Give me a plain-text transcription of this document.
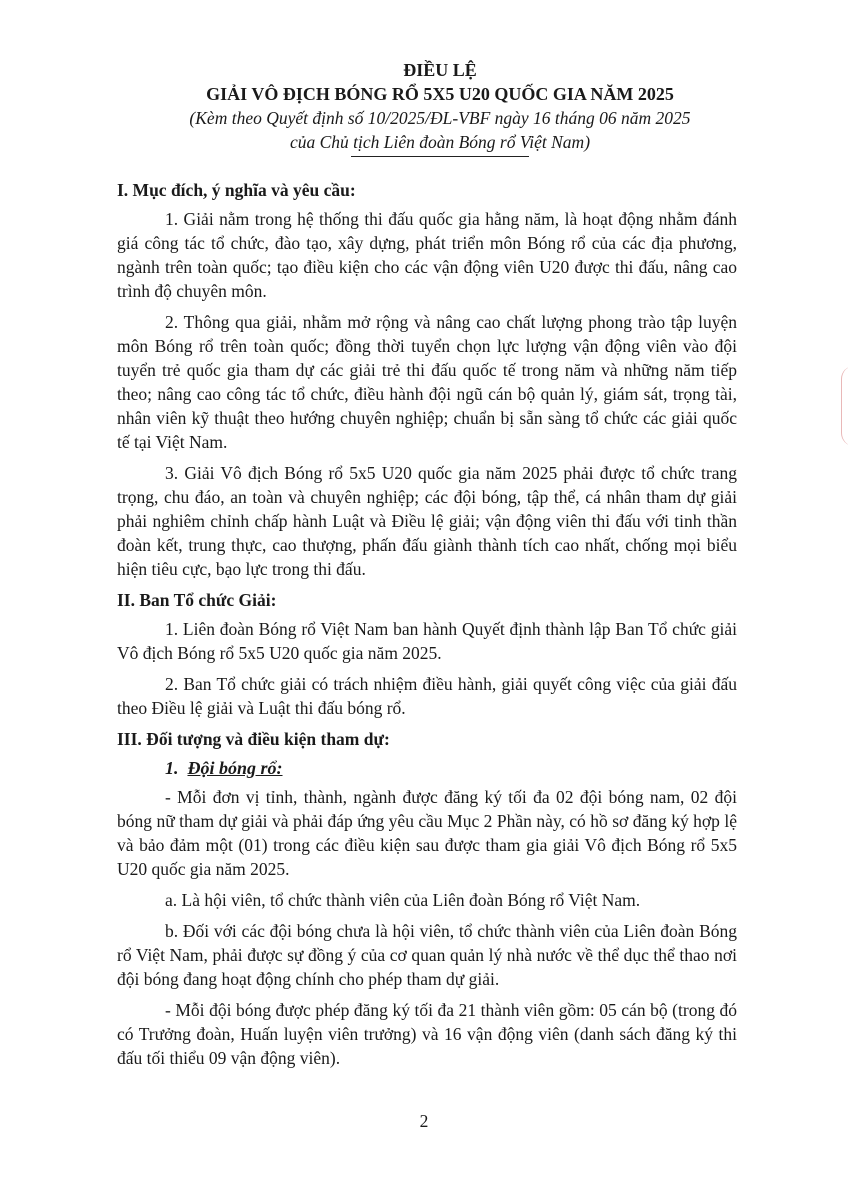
ĐIỀU LỆ

GIẢI VÔ ĐỊCH BÓNG RỔ 5X5 U20 QUỐC GIA NĂM 2025

(Kèm theo Quyết định số 10/2025/ĐL-VBF ngày 16 tháng 06 năm 2025

của Chủ tịch Liên đoàn Bóng rổ Việt Nam)

I. Mục đích, ý nghĩa và yêu cầu:

1. Giải nằm trong hệ thống thi đấu quốc gia hằng năm, là hoạt động nhằm đánh giá công tác tổ chức, đào tạo, xây dựng, phát triển môn Bóng rổ của các địa phương, ngành trên toàn quốc; tạo điều kiện cho các vận động viên U20 được thi đấu, nâng cao trình độ chuyên môn.

2. Thông qua giải, nhằm mở rộng và nâng cao chất lượng phong trào tập luyện môn Bóng rổ trên toàn quốc; đồng thời tuyển chọn lực lượng vận động viên vào đội tuyển trẻ quốc gia tham dự các giải trẻ thi đấu quốc tế trong năm và những năm tiếp theo; nâng cao công tác tổ chức, điều hành đội ngũ cán bộ quản lý, giám sát, trọng tài, nhân viên kỹ thuật theo hướng chuyên nghiệp; chuẩn bị sẵn sàng tổ chức các giải quốc tế tại Việt Nam.

3. Giải Vô địch Bóng rổ 5x5 U20 quốc gia năm 2025 phải được tổ chức trang trọng, chu đáo, an toàn và chuyên nghiệp; các đội bóng, tập thể, cá nhân tham dự giải phải nghiêm chỉnh chấp hành Luật và Điều lệ giải; vận động viên thi đấu với tinh thần đoàn kết, trung thực, cao thượng, phấn đấu giành thành tích cao nhất, chống mọi biểu hiện tiêu cực, bạo lực trong thi đấu.

II. Ban Tổ chức Giải:

1. Liên đoàn Bóng rổ Việt Nam ban hành Quyết định thành lập Ban Tổ chức giải Vô địch Bóng rổ 5x5 U20 quốc gia năm 2025.

2. Ban Tổ chức giải có trách nhiệm điều hành, giải quyết công việc của giải đấu theo Điều lệ giải và Luật thi đấu bóng rổ.

III. Đối tượng và điều kiện tham dự:

1. Đội bóng rổ:

- Mỗi đơn vị tỉnh, thành, ngành được đăng ký tối đa 02 đội bóng nam, 02 đội bóng nữ tham dự giải và phải đáp ứng yêu cầu Mục 2 Phần này, có hồ sơ đăng ký hợp lệ và bảo đảm một (01) trong các điều kiện sau được tham gia giải Vô địch Bóng rổ 5x5 U20 quốc gia năm 2025.

a. Là hội viên, tổ chức thành viên của Liên đoàn Bóng rổ Việt Nam.

b. Đối với các đội bóng chưa là hội viên, tổ chức thành viên của Liên đoàn Bóng rổ Việt Nam, phải được sự đồng ý của cơ quan quản lý nhà nước về thể dục thể thao nơi đội bóng đang hoạt động chính cho phép tham dự giải.

- Mỗi đội bóng được phép đăng ký tối đa 21 thành viên gồm: 05 cán bộ (trong đó có Trưởng đoàn, Huấn luyện viên trưởng) và 16 vận động viên (danh sách đăng ký thi đấu tối thiểu 09 vận động viên).

2
